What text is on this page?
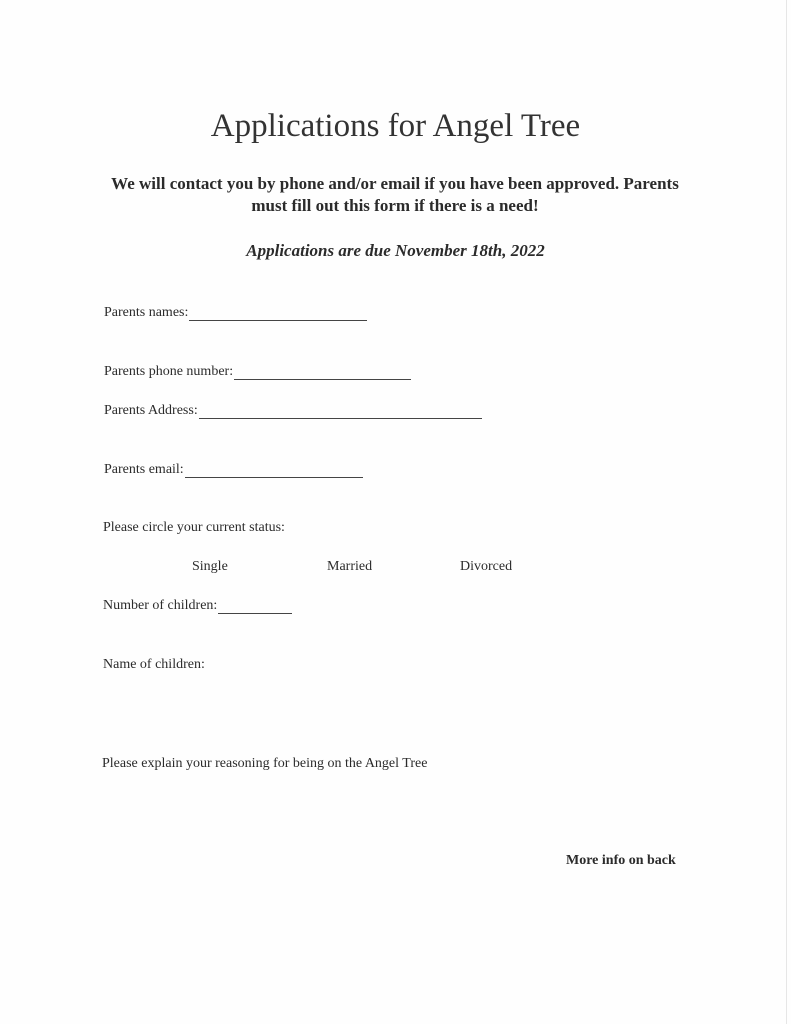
Applications for Angel Tree

We will contact you by phone and/or email if you have been approved. Parents must fill out this form if there is a need!

Applications are due November 18th, 2022

Parents names:
Parents phone number:
Parents Address:
Parents email:
Please circle your current status:
Single	Married	Divorced
Number of children:
Name of children:
Please explain your reasoning for being on the Angel Tree
More info on back
